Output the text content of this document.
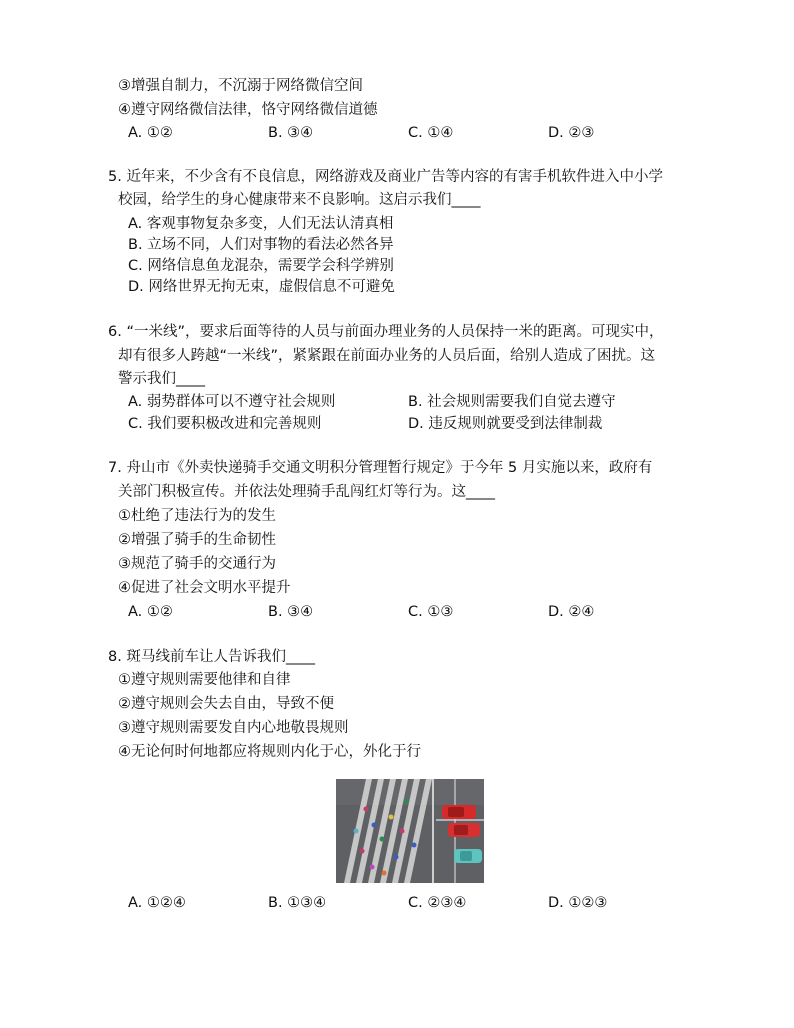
③增强自制力，不沉溺于网络微信空间
④遵守网络微信法律，恪守网络微信道德
A. ①②	B. ③④	C. ①④	D. ②③
5. 近年来，不少含有不良信息，网络游戏及商业广告等内容的有害手机软件进入中小学
校园，给学生的身心健康带来不良影响。这启示我们____
A. 客观事物复杂多变，人们无法认清真相
B. 立场不同，人们对事物的看法必然各异
C. 网络信息鱼龙混杂，需要学会科学辨别
D. 网络世界无拘无束，虚假信息不可避免
6. “一米线”，要求后面等待的人员与前面办理业务的人员保持一米的距离。可现实中，
却有很多人跨越“一米线”，紧紧跟在前面办业务的人员后面，给别人造成了困扰。这
警示我们____
A. 弱势群体可以不遵守社会规则	B. 社会规则需要我们自觉去遵守
C. 我们要积极改进和完善规则	D. 违反规则就要受到法律制裁
7. 舟山市《外卖快递骑手交通文明积分管理暂行规定》于今年 5 月实施以来，政府有
关部门积极宣传。并依法处理骑手乱闯红灯等行为。这____
①杜绝了违法行为的发生
②增强了骑手的生命韧性
③规范了骑手的交通行为
④促进了社会文明水平提升
A. ①②	B. ③④	C. ①③	D. ②④
8. 斑马线前车让人告诉我们____
①遵守规则需要他律和自律
②遵守规则会失去自由，导致不便
③遵守规则需要发自内心地敬畏规则
④无论何时何地都应将规则内化于心，外化于行
A. ①②④	B. ①③④	C. ②③④	D. ①②③
